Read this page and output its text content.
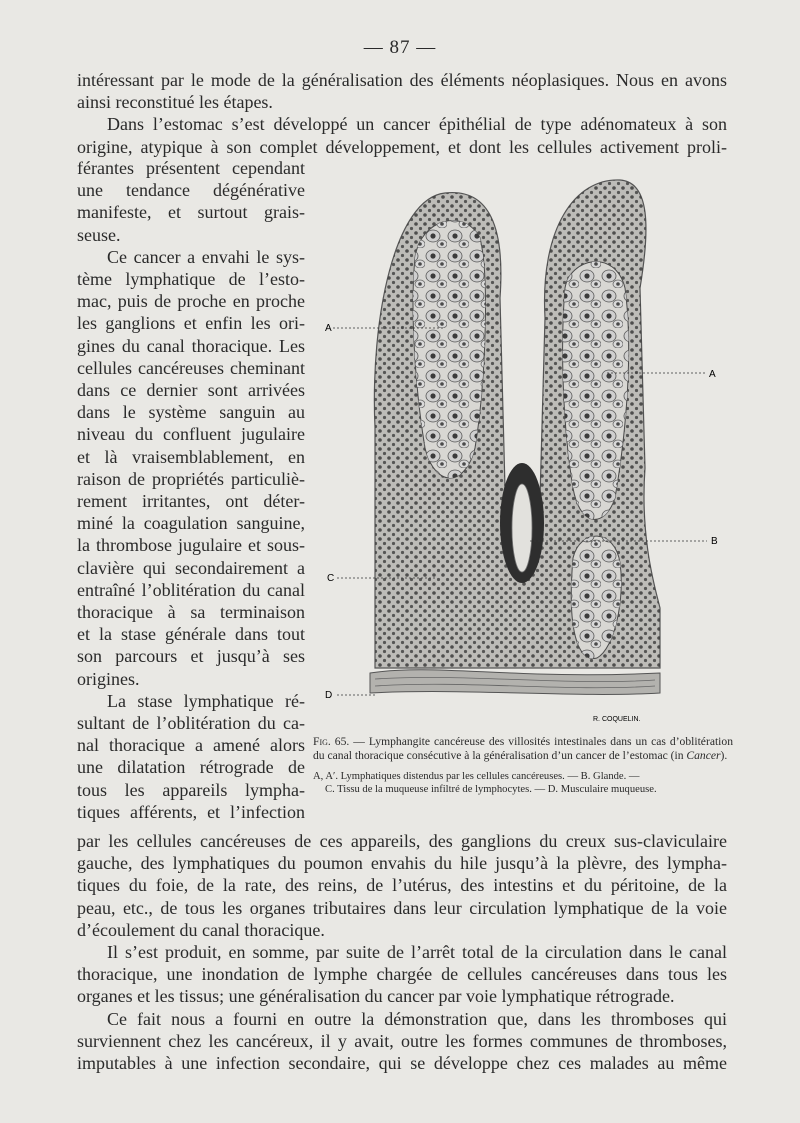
— 87 —
intéressant par le mode de la généralisation des éléments néoplasiques. Nous en avons
ainsi reconstitué les étapes.
Dans l’estomac s’est développé un cancer épithélial de type adénomateux à son
origine, atypique à son complet développement, et dont les cellules activement proli-
férantes présentent cependant
une tendance dégénérative
manifeste, et surtout grais-
seuse.
Ce cancer a envahi le sys-
tème lymphatique de l’esto-
mac, puis de proche en proche
les ganglions et enfin les ori-
gines du canal thoracique. Les
cellules cancéreuses cheminant
dans ce dernier sont arrivées
dans le système sanguin au
niveau du confluent jugulaire
et là vraisemblablement, en
raison de propriétés particuliè-
rement irritantes, ont déter-
miné la coagulation sanguine,
la thrombose jugulaire et sous-
clavière qui secondairement a
entraîné l’oblitération du canal
thoracique à sa terminaison
et la stase générale dans tout
son parcours et jusqu’à ses
origines.
La stase lymphatique ré-
sultant de l’oblitération du ca-
nal thoracique a amené alors
une dilatation rétrograde de
tous les appareils lympha-
tiques afférents, et l’infection
A
A
B
C
D
R. COQUELIN.
Fig. 65. — Lymphangite cancéreuse des villosités intestinales dans un cas d’oblitération du canal thoracique consécutive à la généralisation d’un cancer de l’estomac (in Cancer).
A, A′. Lymphatiques distendus par les cellules cancéreuses. — B. Glande. —
C. Tissu de la muqueuse infiltré de lymphocytes. — D. Musculaire muqueuse.
par les cellules cancéreuses de ces appareils, des ganglions du creux sus-claviculaire
gauche, des lymphatiques du poumon envahis du hile jusqu’à la plèvre, des lympha-
tiques du foie, de la rate, des reins, de l’utérus, des intestins et du péritoine, de la
peau, etc., de tous les organes tributaires dans leur circulation lymphatique de la voie
d’écoulement du canal thoracique.
Il s’est produit, en somme, par suite de l’arrêt total de la circulation dans le canal
thoracique, une inondation de lymphe chargée de cellules cancéreuses dans tous les
organes et les tissus; une généralisation du cancer par voie lymphatique rétrograde.
Ce fait nous a fourni en outre la démonstration que, dans les thromboses qui
surviennent chez les cancéreux, il y avait, outre les formes communes de thromboses,
imputables à une infection secondaire, qui se développe chez ces malades au même
